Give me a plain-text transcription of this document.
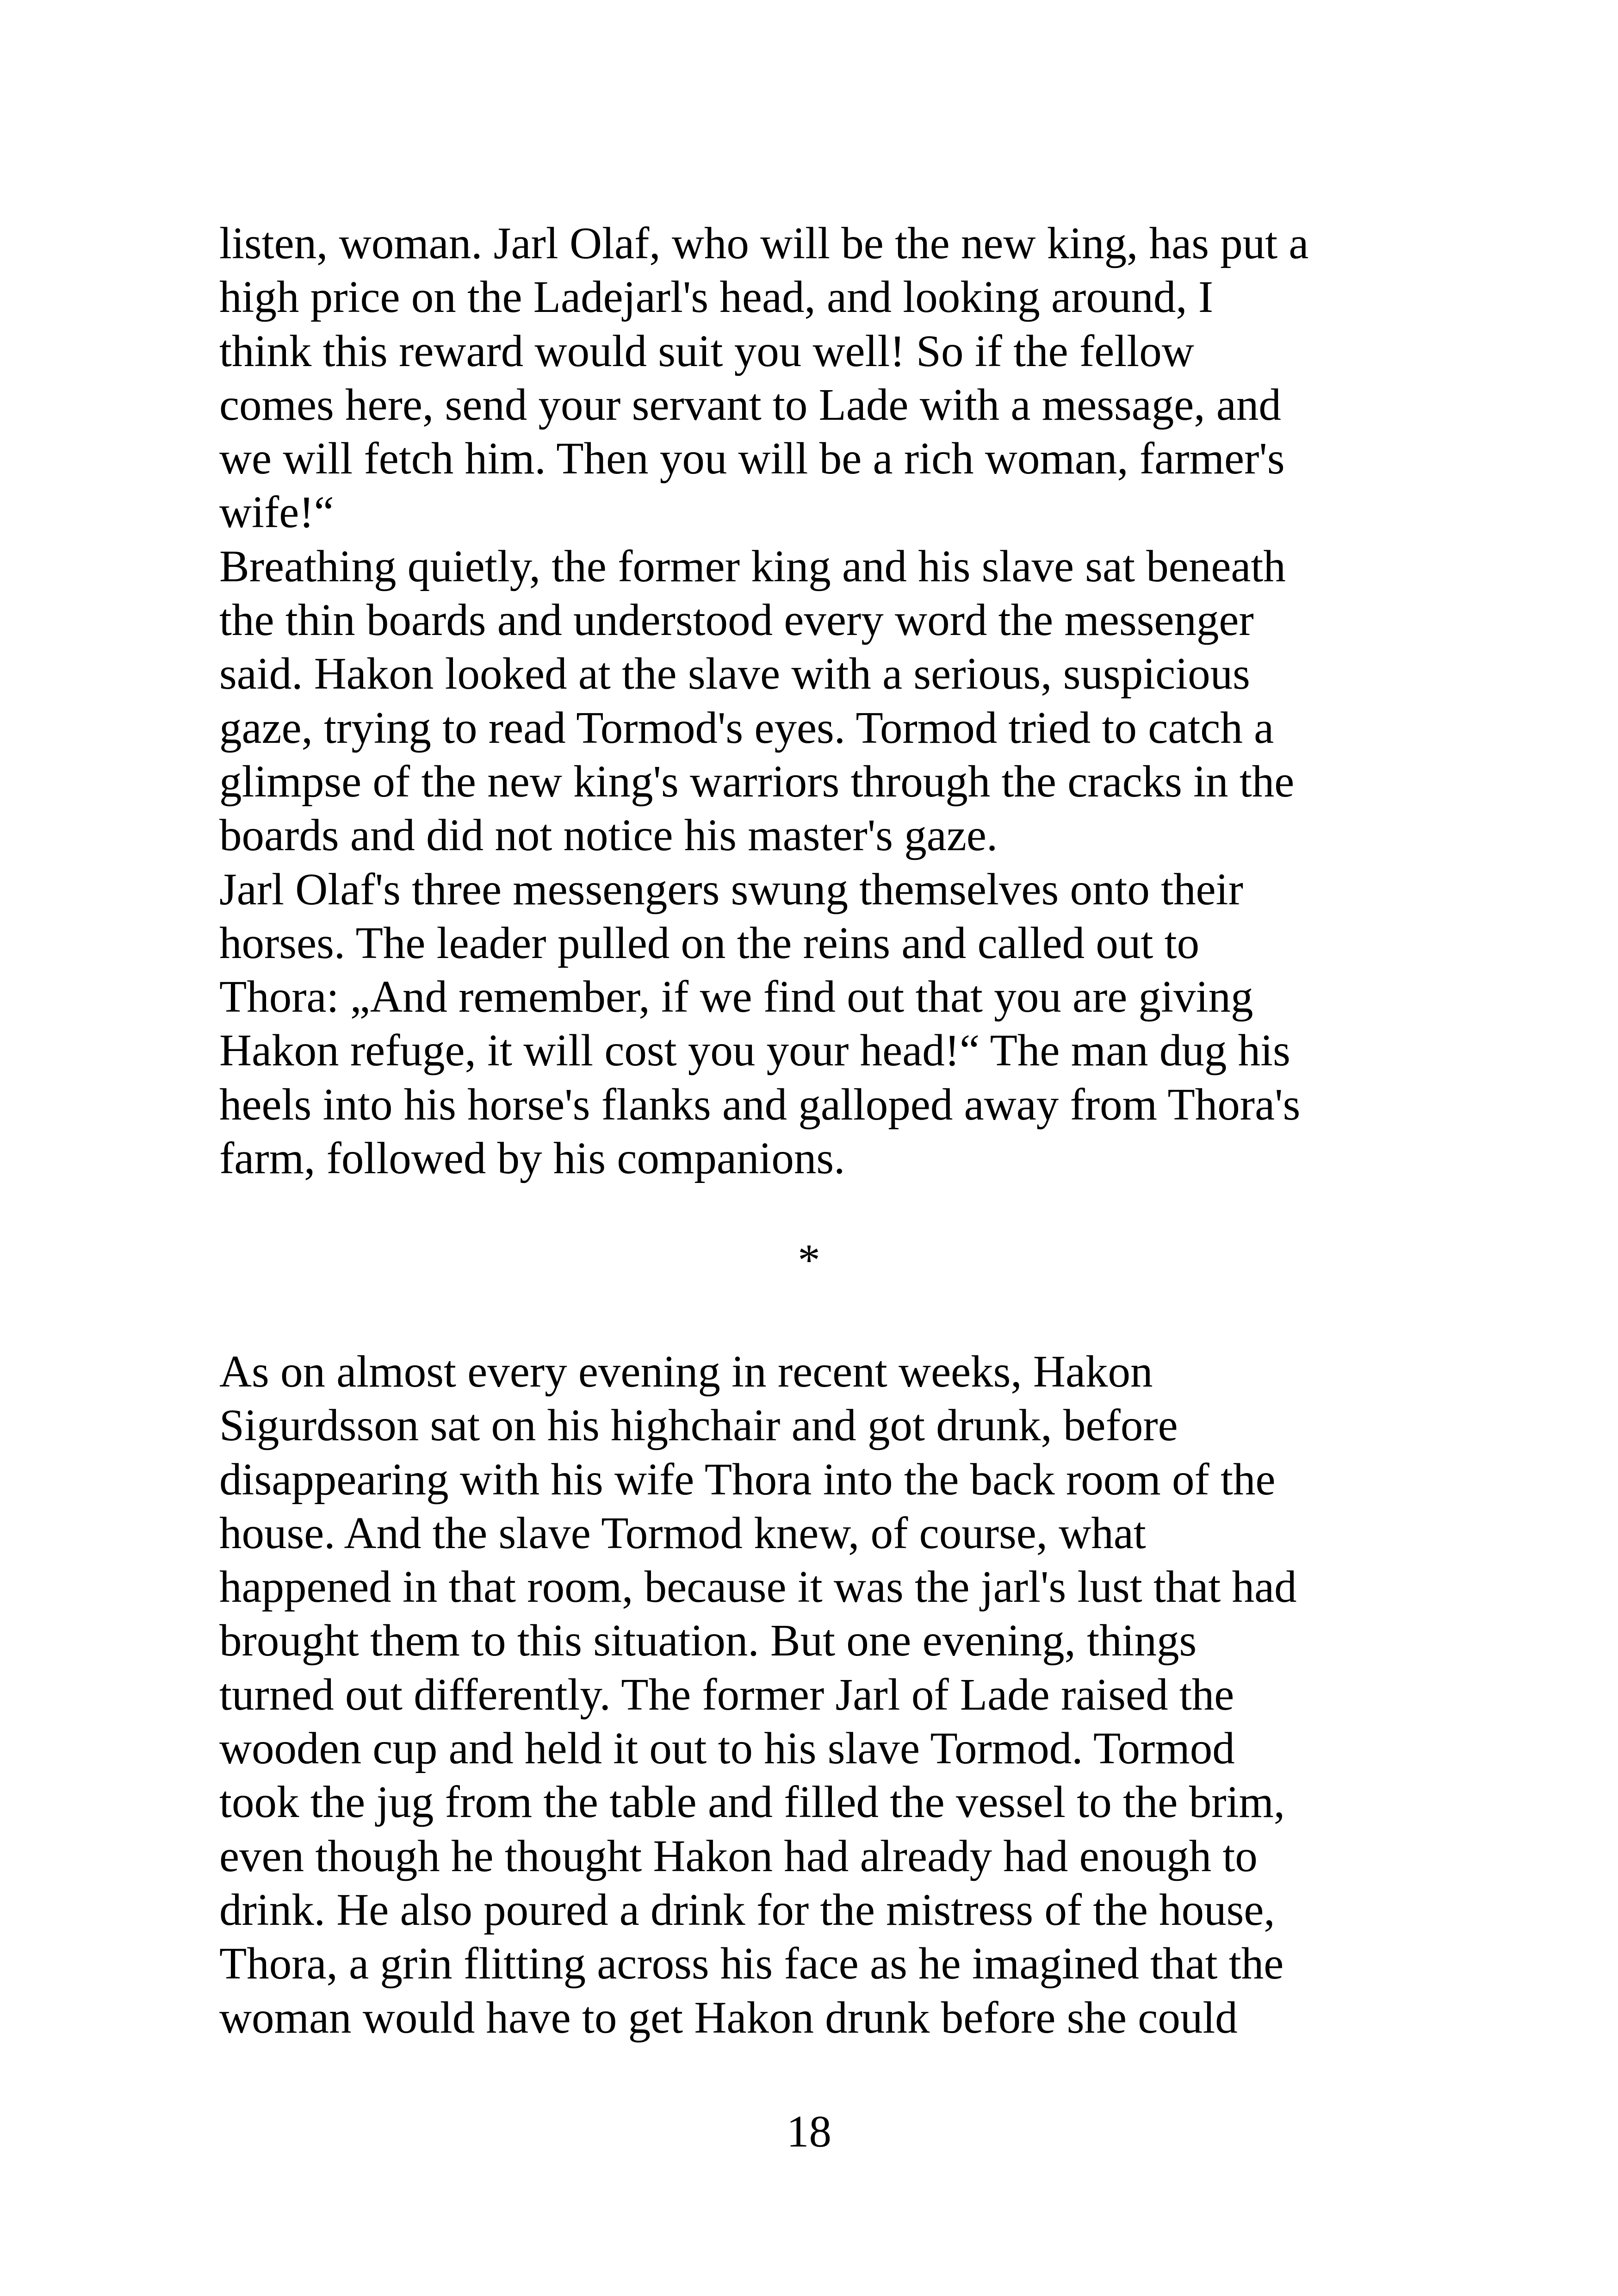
listen, woman. Jarl Olaf, who will be the new king, has put a
high price on the Ladejarl's head, and looking around, I
think this reward would suit you well! So if the fellow
comes here, send your servant to Lade with a message, and
we will fetch him. Then you will be a rich woman, farmer's
wife!“
Breathing quietly, the former king and his slave sat beneath
the thin boards and understood every word the messenger
said. Hakon looked at the slave with a serious, suspicious
gaze, trying to read Tormod's eyes. Tormod tried to catch a
glimpse of the new king's warriors through the cracks in the
boards and did not notice his master's gaze.
Jarl Olaf's three messengers swung themselves onto their
horses. The leader pulled on the reins and called out to
Thora: „And remember, if we find out that you are giving
Hakon refuge, it will cost you your head!“ The man dug his
heels into his horse's flanks and galloped away from Thora's
farm, followed by his companions.
*
As on almost every evening in recent weeks, Hakon
Sigurdsson sat on his highchair and got drunk, before
disappearing with his wife Thora into the back room of the
house. And the slave Tormod knew, of course, what
happened in that room, because it was the jarl's lust that had
brought them to this situation. But one evening, things
turned out differently. The former Jarl of Lade raised the
wooden cup and held it out to his slave Tormod. Tormod
took the jug from the table and filled the vessel to the brim,
even though he thought Hakon had already had enough to
drink. He also poured a drink for the mistress of the house,
Thora, a grin flitting across his face as he imagined that the
woman would have to get Hakon drunk before she could
18
